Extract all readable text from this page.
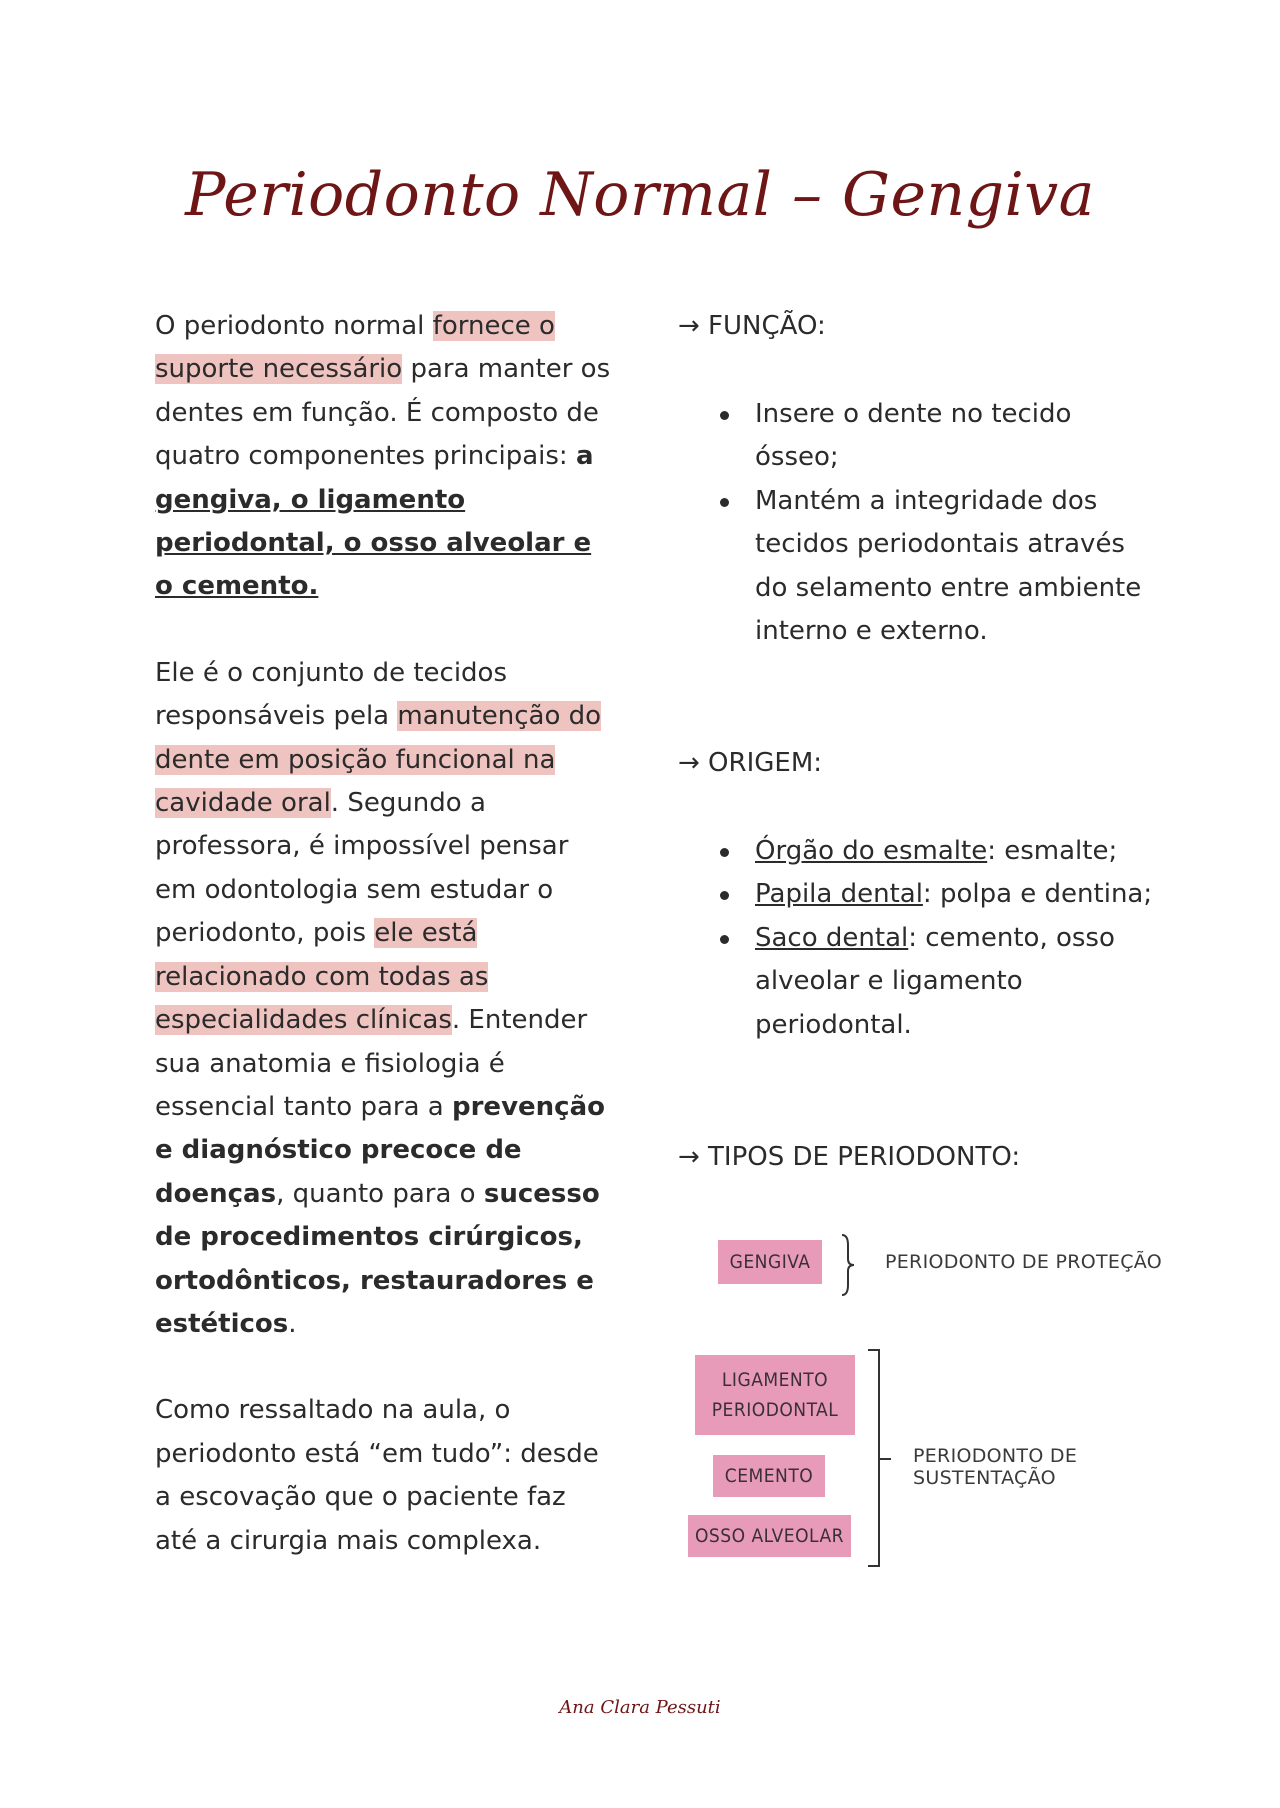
Periodonto Normal – Gengiva

O periodonto normal fornece o
suporte necessário para manter os dentes em função. É composto de quatro componentes principais: a gengiva, o ligamento periodontal, o osso alveolar e o cemento.

Ele é o conjunto de tecidos responsáveis pela manutenção do dente em posição funcional na cavidade oral. Segundo a professora, é impossível pensar em odontologia sem estudar o periodonto, pois ele está relacionado com todas as especialidades clínicas. Entender sua anatomia e fisiologia é essencial tanto para a prevenção e diagnóstico precoce de doenças, quanto para o sucesso de procedimentos cirúrgicos, ortodônticos, restauradores e estéticos.

Como ressaltado na aula, o periodonto está “em tudo”: desde a escovação que o paciente faz até a cirurgia mais complexa.

→ FUNÇÃO:
Insere o dente no tecido ósseo;
Mantém a integridade dos tecidos periodontais através do selamento entre ambiente interno e externo.
→ ORIGEM:
Órgão do esmalte: esmalte;
Papila dental: polpa e dentina;
Saco dental: cemento, osso alveolar e ligamento periodontal.
→ TIPOS DE PERIODONTO:
GENGIVA	PERIODONTO DE PROTEÇÃO
LIGAMENTO
PERIODONTAL
CEMENTO
OSSO ALVEOLAR
PERIODONTO DE SUSTENTAÇÃO
Ana Clara Pessuti
